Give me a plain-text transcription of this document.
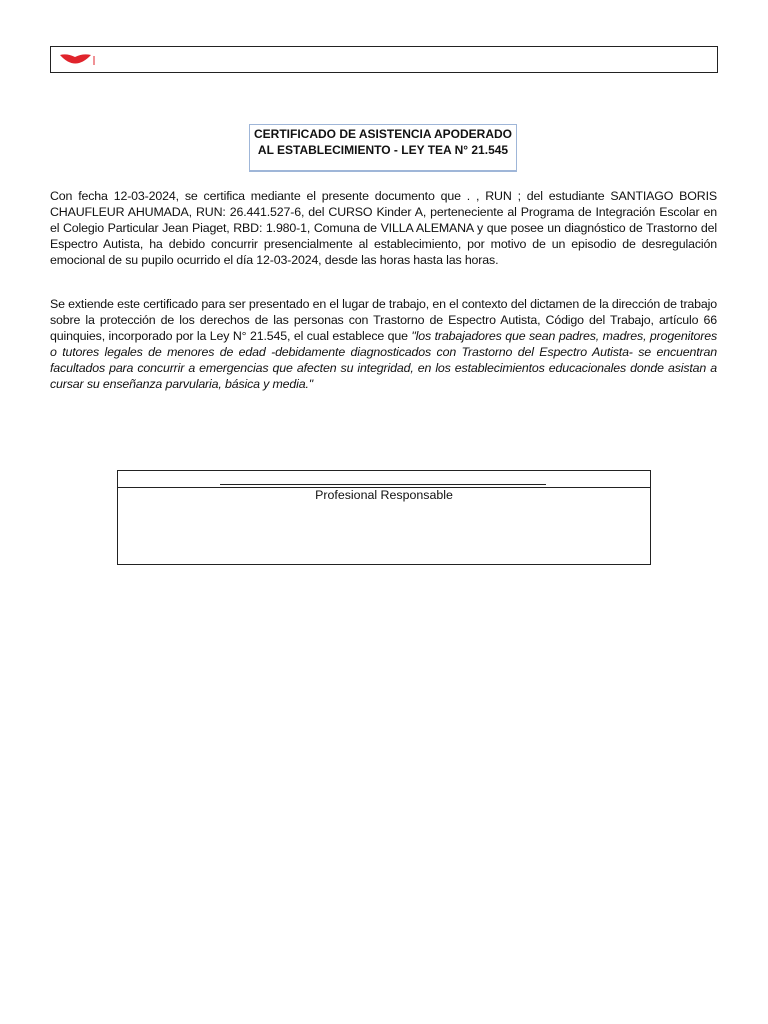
CERTIFICADO DE ASISTENCIA APODERADO
AL ESTABLECIMIENTO - LEY TEA N° 21.545
Con fecha 12-03-2024, se certifica mediante el presente documento que . , RUN ; del estudiante SANTIAGO BORIS CHAUFLEUR AHUMADA, RUN: 26.441.527-6, del CURSO Kinder A, perteneciente al Programa de Integración Escolar en el Colegio Particular Jean Piaget, RBD: 1.980-1, Comuna de VILLA ALEMANA y que posee un diagnóstico de Trastorno del Espectro Autista, ha debido concurrir presencialmente al establecimiento, por motivo de un episodio de desregulación emocional de su pupilo ocurrido el día 12-03-2024, desde las horas hasta las horas.
Se extiende este certificado para ser presentado en el lugar de trabajo, en el contexto del dictamen de la dirección de trabajo sobre la protección de los derechos de las personas con Trastorno de Espectro Autista, Código del Trabajo, artículo 66 quinquies, incorporado por la Ley N° 21.545, el cual establece que "los trabajadores que sean padres, madres, progenitores o tutores legales de menores de edad -debidamente diagnosticados con Trastorno del Espectro Autista- se encuentran facultados para concurrir a emergencias que afecten su integridad, en los establecimientos educacionales donde asistan a cursar su enseñanza parvularia, básica y media."
Profesional Responsable
